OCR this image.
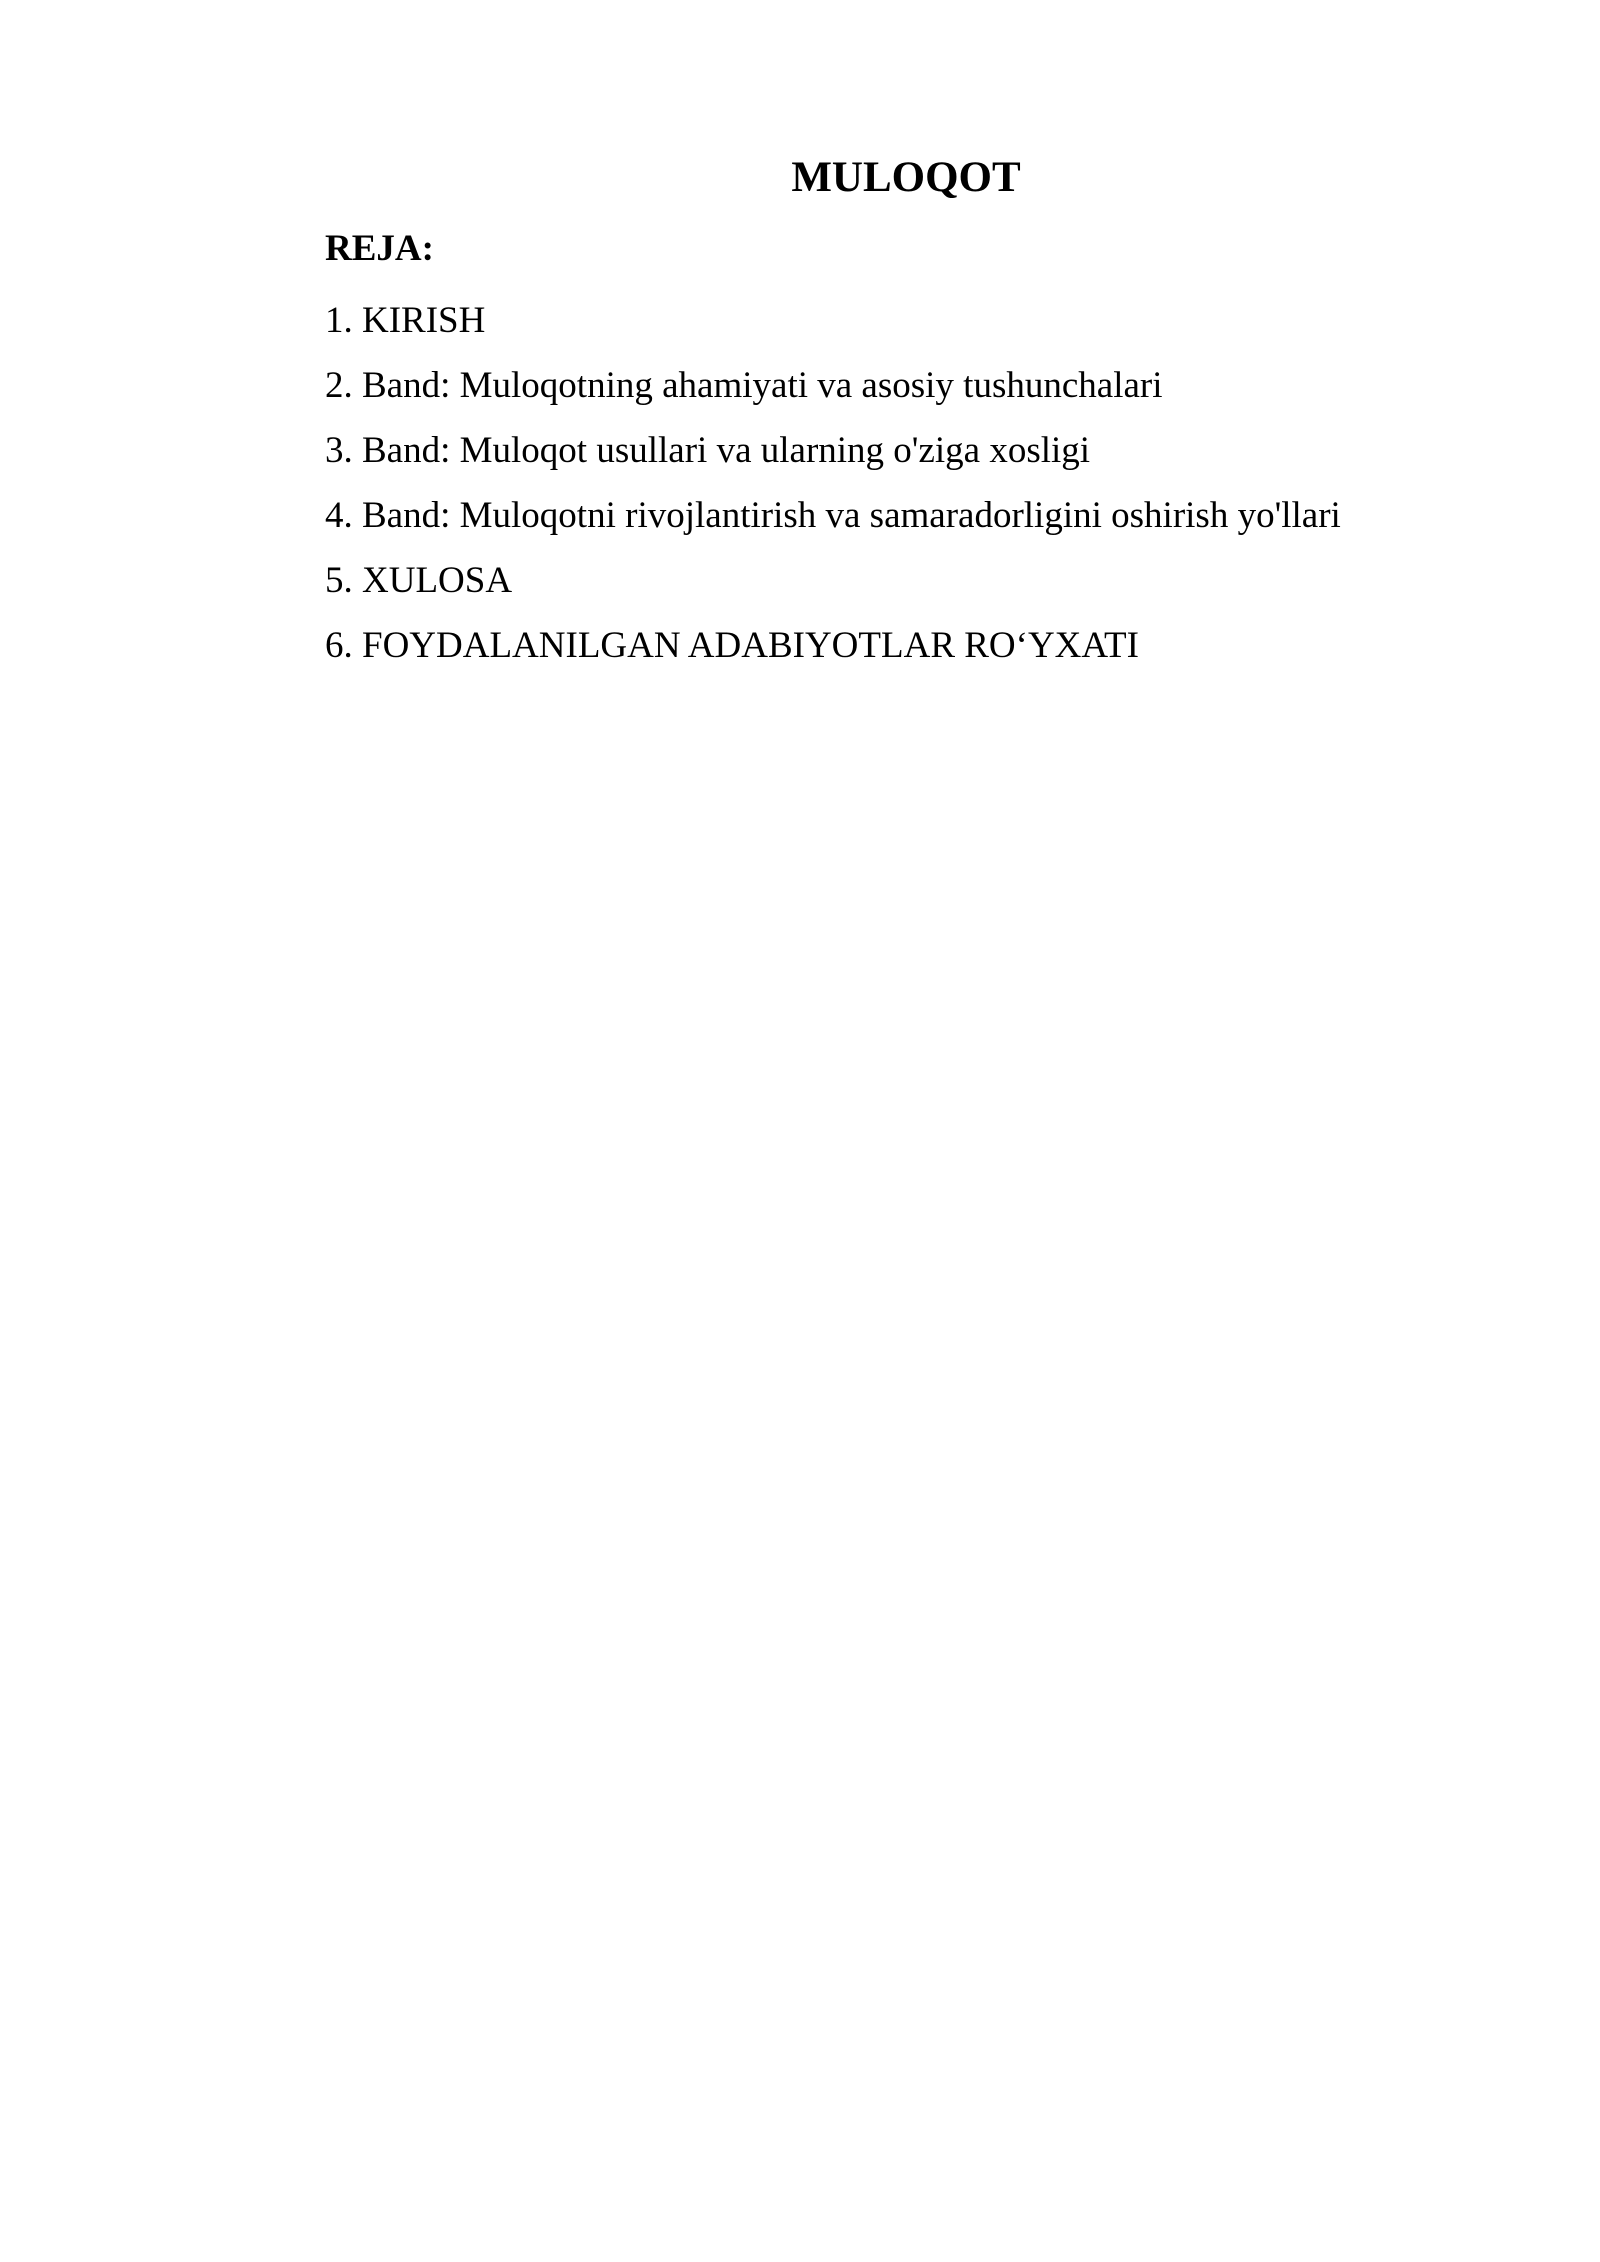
MULOQOT
REJA:
1. KIRISH
2. Band: Muloqotning ahamiyati va asosiy tushunchalari
3. Band: Muloqot usullari va ularning o'ziga xosligi
4. Band: Muloqotni rivojlantirish va samaradorligini oshirish yo'llari
5. XULOSA
6. FOYDALANILGAN ADABIYOTLAR RO‘YXATI
